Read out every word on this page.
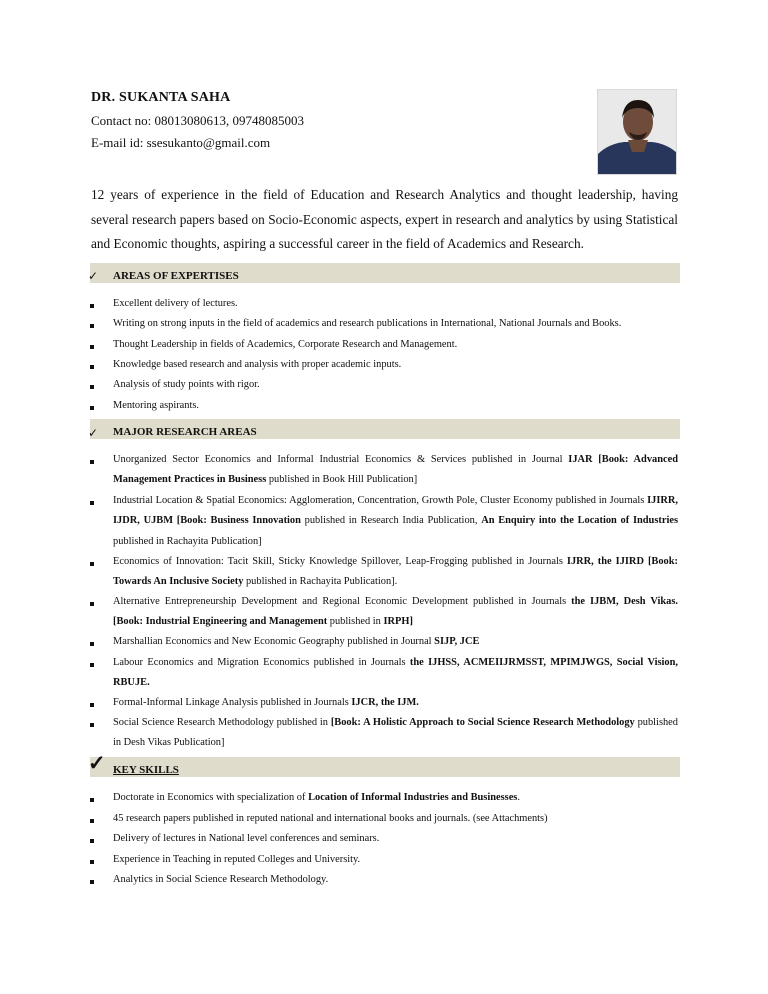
DR. SUKANTA SAHA
Contact no: 08013080613, 09748085003
E-mail id: ssesukanto@gmail.com
12 years of experience in the field of Education and Research Analytics and thought leadership, having several research papers based on Socio-Economic aspects, expert in research and analytics by using Statistical and Economic thoughts, aspiring a successful career in the field of Academics and Research.
✓ AREAS OF EXPERTISES
Excellent delivery of lectures.
Writing on strong inputs in the field of academics and research publications in International, National Journals and Books.
Thought Leadership in fields of Academics, Corporate Research and Management.
Knowledge based research and analysis with proper academic inputs.
Analysis of study points with rigor.
Mentoring aspirants.
✓ MAJOR RESEARCH AREAS
Unorganized Sector Economics and Informal Industrial Economics & Services published in Journal IJAR [Book: Advanced Management Practices in Business published in Book Hill Publication]
Industrial Location & Spatial Economics: Agglomeration, Concentration, Growth Pole, Cluster Economy published in Journals IJIRR, IJDR, UJBM [Book: Business Innovation published in Research India Publication, An Enquiry into the Location of Industries published in Rachayita Publication]
Economics of Innovation: Tacit Skill, Sticky Knowledge Spillover, Leap-Frogging published in Journals IJRR, the IJIRD [Book: Towards An Inclusive Society published in Rachayita Publication].
Alternative Entrepreneurship Development and Regional Economic Development published in Journals the IJBM, Desh Vikas. [Book: Industrial Engineering and Management published in IRPH]
Marshallian Economics and New Economic Geography published in Journal SIJP, JCE
Labour Economics and Migration Economics published in Journals the IJHSS, ACMEIIJRMSST, MPIMJWGS, Social Vision, RBUJE.
Formal-Informal Linkage Analysis published in Journals IJCR, the IJM.
Social Science Research Methodology published in [Book: A Holistic Approach to Social Science Research Methodology published in Desh Vikas Publication]
✓ KEY SKILLS
Doctorate in Economics with specialization of Location of Informal Industries and Businesses.
45 research papers published in reputed national and international books and journals. (see Attachments)
Delivery of lectures in National level conferences and seminars.
Experience in Teaching in reputed Colleges and University.
Analytics in Social Science Research Methodology.
